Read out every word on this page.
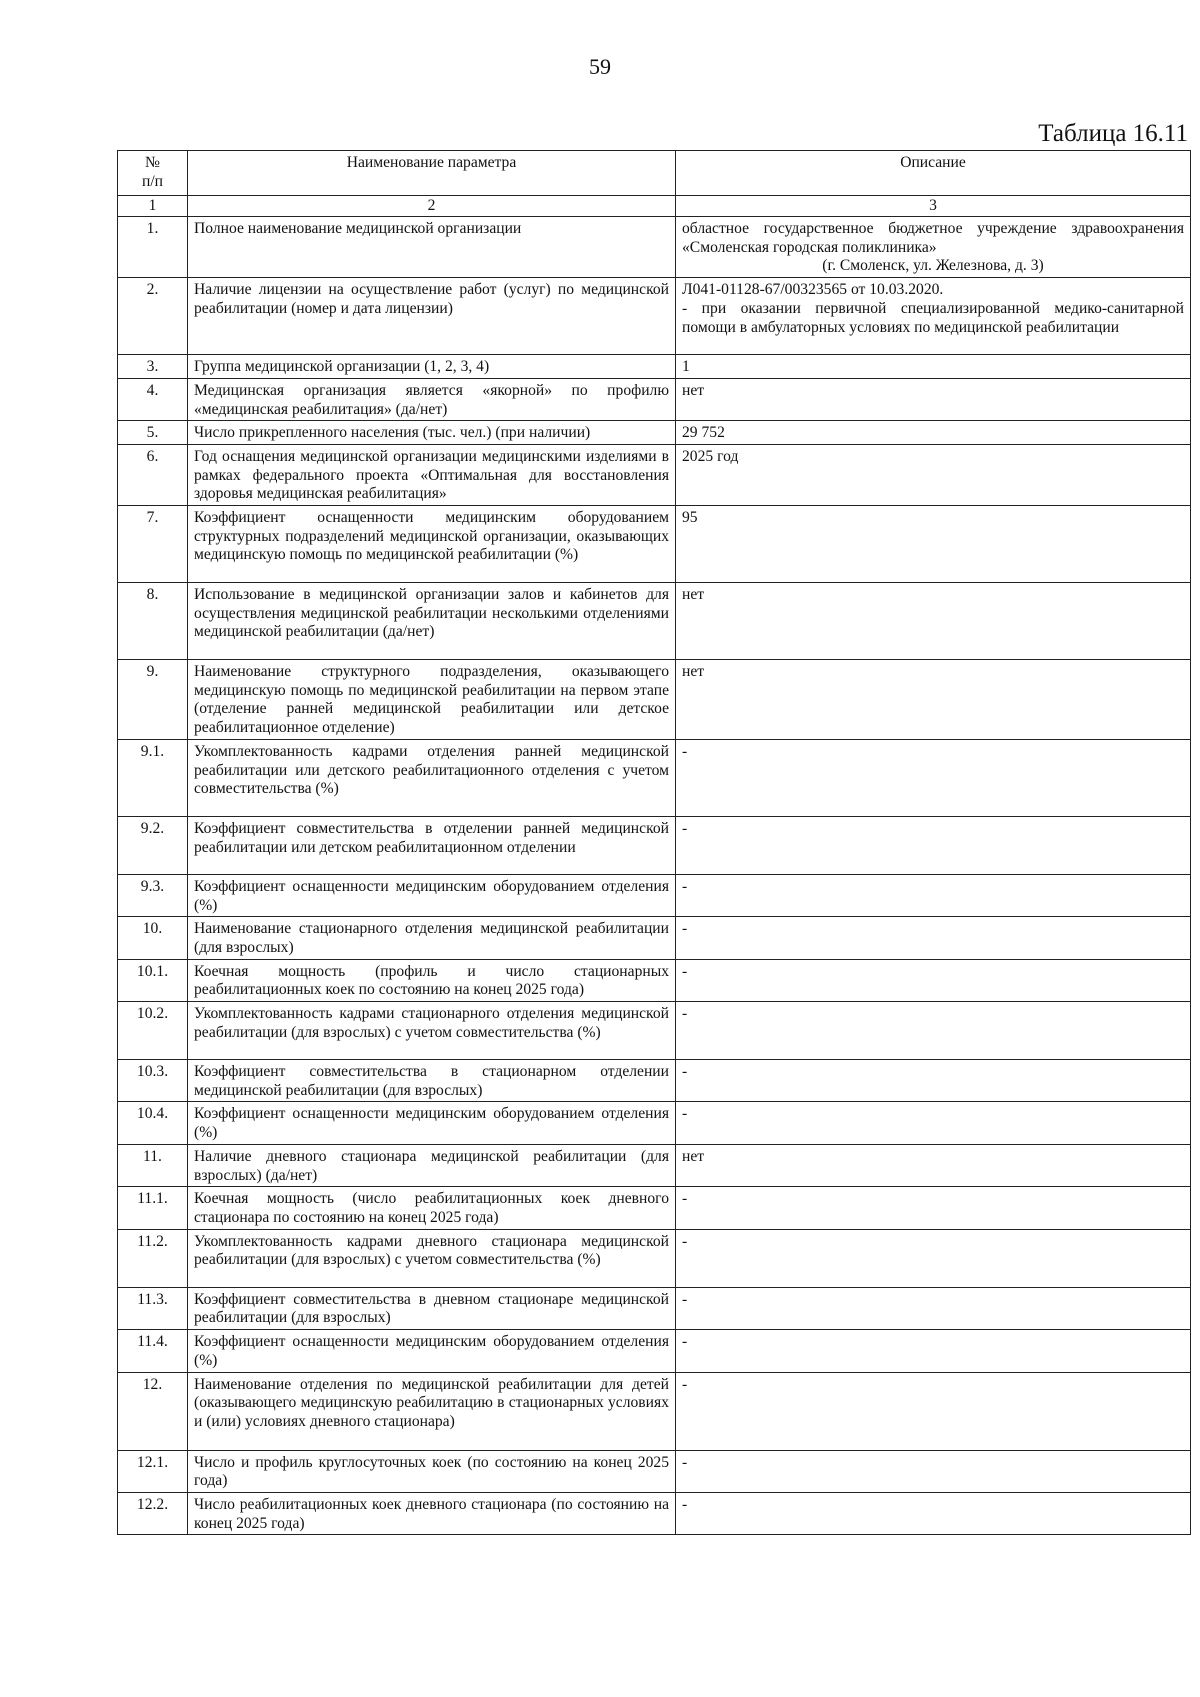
59
Таблица 16.11
№
п/п	Наименование параметра	Описание
1	2	3
1.	Полное наименование медицинской организации	областное государственное бюджетное учреждение здравоохранения «Смоленская городская поликлиника»
(г. Смоленск, ул. Железнова, д. 3)

2.	Наличие лицензии на осуществление работ (услуг) по медицинской реабилитации (номер и дата лицензии)	Л041-01128-67/00323565 от 10.03.2020.
- при оказании первичной специализированной медико-санитарной помощи в амбулаторных условиях по медицинской реабилитации

3.	Группа медицинской организации (1, 2, 3, 4)	1
4.	Медицинская организация является «якорной» по профилю «медицинская реабилитация» (да/нет)	нет
5.	Число прикрепленного населения (тыс. чел.) (при наличии)	29 752
6.	Год оснащения медицинской организации медицинскими изделиями в рамках федерального проекта «Оптимальная для восстановления здоровья медицинская реабилитация»	2025 год
7.	Коэффициент оснащенности медицинским оборудованием структурных подразделений медицинской организации, оказывающих медицинскую помощь по медицинской реабилитации (%)	95
8.	Использование в медицинской организации залов и кабинетов для осуществления медицинской реабилитации несколькими отделениями медицинской реабилитации (да/нет)	нет
9.	Наименование структурного подразделения, оказывающего медицинскую помощь по медицинской реабилитации на первом этапе (отделение ранней медицинской реабилитации или детское реабилитационное отделение)	нет
9.1.	Укомплектованность кадрами отделения ранней медицинской реабилитации или детского реабилитационного отделения с учетом совместительства (%)	-
9.2.	Коэффициент совместительства в отделении ранней медицинской реабилитации или детском реабилитационном отделении	-
9.3.	Коэффициент оснащенности медицинским оборудованием отделения (%)	-
10.	Наименование стационарного отделения медицинской реабилитации (для взрослых)	-
10.1.	Коечная мощность (профиль и число стационарных реабилитационных коек по состоянию на конец 2025 года)	-
10.2.	Укомплектованность кадрами стационарного отделения медицинской реабилитации (для взрослых) с учетом совместительства (%)	-
10.3.	Коэффициент совместительства в стационарном отделении медицинской реабилитации (для взрослых)	-
10.4.	Коэффициент оснащенности медицинским оборудованием отделения (%)	-
11.	Наличие дневного стационара медицинской реабилитации (для взрослых) (да/нет)	нет
11.1.	Коечная мощность (число реабилитационных коек дневного стационара по состоянию на конец 2025 года)	-
11.2.	Укомплектованность кадрами дневного стационара медицинской реабилитации (для взрослых) с учетом совместительства (%)	-
11.3.	Коэффициент совместительства в дневном стационаре медицинской реабилитации (для взрослых)	-
11.4.	Коэффициент оснащенности медицинским оборудованием отделения (%)	-
12.	Наименование отделения по медицинской реабилитации для детей (оказывающего медицинскую реабилитацию в стационарных условиях и (или) условиях дневного стационара)	-
12.1.	Число и профиль круглосуточных коек (по состоянию на конец 2025 года)	-
12.2.	Число реабилитационных коек дневного стационара (по состоянию на конец 2025 года)	-
